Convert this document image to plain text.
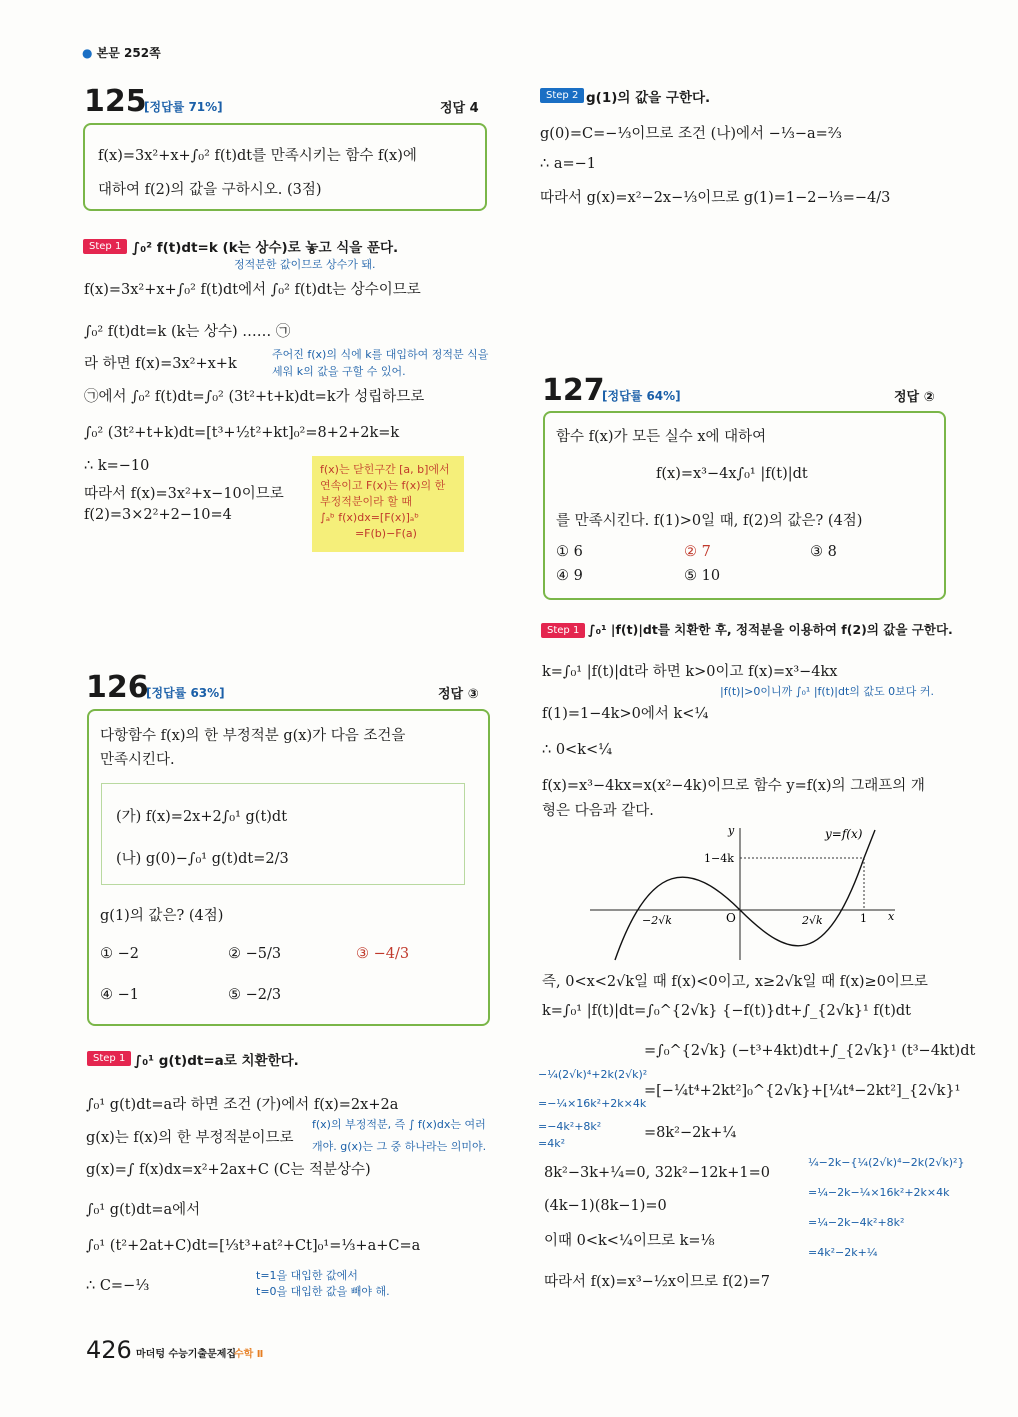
● 본문 252쪽
125
[정답률 71%]	정답 4
f(x)=3x²+x+∫₀² f(t)dt를 만족시키는 함수 f(x)에
대하여 f(2)의 값을 구하시오. (3점)
Step 1 ∫₀² f(t)dt=k (k는 상수)로 놓고 식을 푼다.
정적분한 값이므로 상수가 돼.
f(x)=3x²+x+∫₀² f(t)dt에서 ∫₀² f(t)dt는 상수이므로
∫₀² f(t)dt=k (k는 상수) …… ㉠
라 하면 f(x)=3x²+x+k
주어진 f(x)의 식에 k를 대입하여 정적분 식을
세워 k의 값을 구할 수 있어.
㉠에서 ∫₀² f(t)dt=∫₀² (3t²+t+k)dt=k가 성립하므로
∫₀² (3t²+t+k)dt=[t³+½t²+kt]₀²=8+2+2k=k
∴ k=−10
따라서 f(x)=3x²+x−10이므로
f(2)=3×2²+2−10=4
f(x)는 닫힌구간 [a, b]에서
연속이고 F(x)는 f(x)의 한
부정적분이라 할 때
∫ₐᵇ f(x)dx=[F(x)]ₐᵇ
=F(b)−F(a)
126
[정답률 63%]	정답 ③
다항함수 f(x)의 한 부정적분 g(x)가 다음 조건을
만족시킨다.
(가) f(x)=2x+2∫₀¹ g(t)dt
(나) g(0)−∫₀¹ g(t)dt=2/3
g(1)의 값은? (4점)
① −2	② −5/3	③ −4/3
④ −1	⑤ −2/3
Step 1 ∫₀¹ g(t)dt=a로 치환한다.
∫₀¹ g(t)dt=a라 하면 조건 (가)에서 f(x)=2x+2a
g(x)는 f(x)의 한 부정적분이므로
f(x)의 부정적분, 즉 ∫ f(x)dx는 여러
개야. g(x)는 그 중 하나라는 의미야.
g(x)=∫ f(x)dx=x²+2ax+C (C는 적분상수)
∫₀¹ g(t)dt=a에서
∫₀¹ (t²+2at+C)dt=[⅓t³+at²+Ct]₀¹=⅓+a+C=a
t=1을 대입한 값에서
t=0을 대입한 값을 빼야 해.
∴ C=−⅓
Step 2 g(1)의 값을 구한다.
g(0)=C=−⅓이므로 조건 (나)에서 −⅓−a=⅔
∴ a=−1
따라서 g(x)=x²−2x−⅓이므로 g(1)=1−2−⅓=−4/3
127
[정답률 64%]	정답 ②
함수 f(x)가 모든 실수 x에 대하여
f(x)=x³−4x∫₀¹ |f(t)|dt
를 만족시킨다. f(1)>0일 때, f(2)의 값은? (4점)
① 6	② 7	③ 8
④ 9	⑤ 10
Step 1 ∫₀¹ |f(t)|dt를 치환한 후, 정적분을 이용하여 f(2)의 값을 구한다.
k=∫₀¹ |f(t)|dt라 하면 k>0이고 f(x)=x³−4kx
|f(t)|>0이니까 ∫₀¹ |f(t)|dt의 값도 0보다 커.
f(1)=1−4k>0에서 k<¼
∴ 0<k<¼
f(x)=x³−4kx=x(x²−4k)이므로 함수 y=f(x)의 그래프의 개
형은 다음과 같다.
y
x
y=f(x)
O
1−4k
−2√k	2√k	1
즉, 0<x<2√k일 때 f(x)<0이고, x≥2√k일 때 f(x)≥0이므로
k=∫₀¹ |f(t)|dt=∫₀^{2√k} {−f(t)}dt+∫_{2√k}¹ f(t)dt
=∫₀^{2√k} (−t³+4kt)dt+∫_{2√k}¹ (t³−4kt)dt
=[−¼t⁴+2kt²]₀^{2√k}+[¼t⁴−2kt²]_{2√k}¹
=8k²−2k+¼
8k²−3k+¼=0, 32k²−12k+1=0
(4k−1)(8k−1)=0
이때 0<k<¼이므로 k=⅛
따라서 f(x)=x³−½x이므로 f(2)=7
−¼(2√k)⁴+2k(2√k)²
=−¼×16k²+2k×4k
=−4k²+8k²
=4k²
¼−2k−{¼(2√k)⁴−2k(2√k)²}
=¼−2k−¼×16k²+2k×4k
=¼−2k−4k²+8k²
=4k²−2k+¼
426 마더텅 수능기출문제집
수학 Ⅱ
